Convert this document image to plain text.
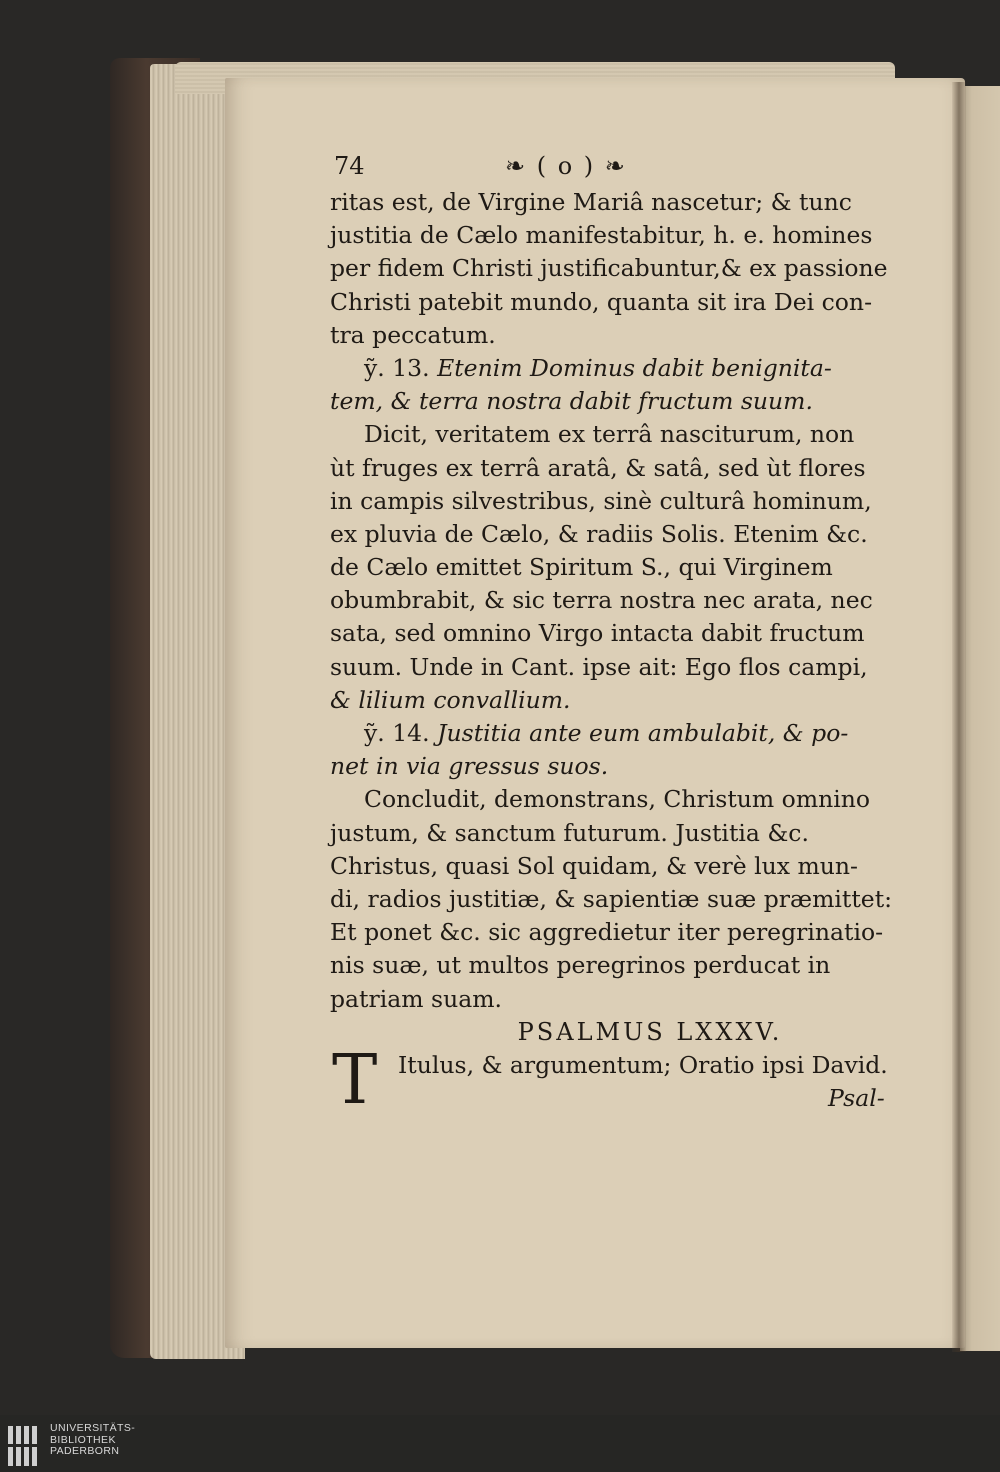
74	❧ ( o ) ❧
ritas est, de Virgine Mariâ nascetur; & tunc
justitia de Cælo manifestabitur, h. e. homines
per fidem Christi justificabuntur,& ex passione
Christi patebit mundo, quanta sit ira Dei con-
tra peccatum.
ỹ. 13. Etenim Dominus dabit benignita-
tem, & terra nostra dabit fructum suum.
Dicit, veritatem ex terrâ nasciturum, non
ùt fruges ex terrâ aratâ, & satâ, sed ùt flores
in campis silvestribus, sinè culturâ hominum,
ex pluvia de Cælo, & radiis Solis. Etenim &c.
de Cælo emittet Spiritum S., qui Virginem
obumbrabit, & sic terra nostra nec arata, nec
sata, sed omnino Virgo intacta dabit fructum
suum. Unde in Cant. ipse ait: Ego flos campi,
& lilium convallium.
ỹ. 14. Justitia ante eum ambulabit, & po-
net in via gressus suos.
Concludit, demonstrans, Christum omnino
justum, & sanctum futurum. Justitia &c.
Christus, quasi Sol quidam, & verè lux mun-
di, radios justitiæ, & sapientiæ suæ præmittet:
Et ponet &c. sic aggredietur iter peregrinatio-
nis suæ, ut multos peregrinos perducat in
patriam suam.
PSALMUS LXXXV.
T Itulus, & argumentum; Oratio ipsi David.
Psal-
UNIVERSITÄTS-
BIBLIOTHEK
PADERBORN
